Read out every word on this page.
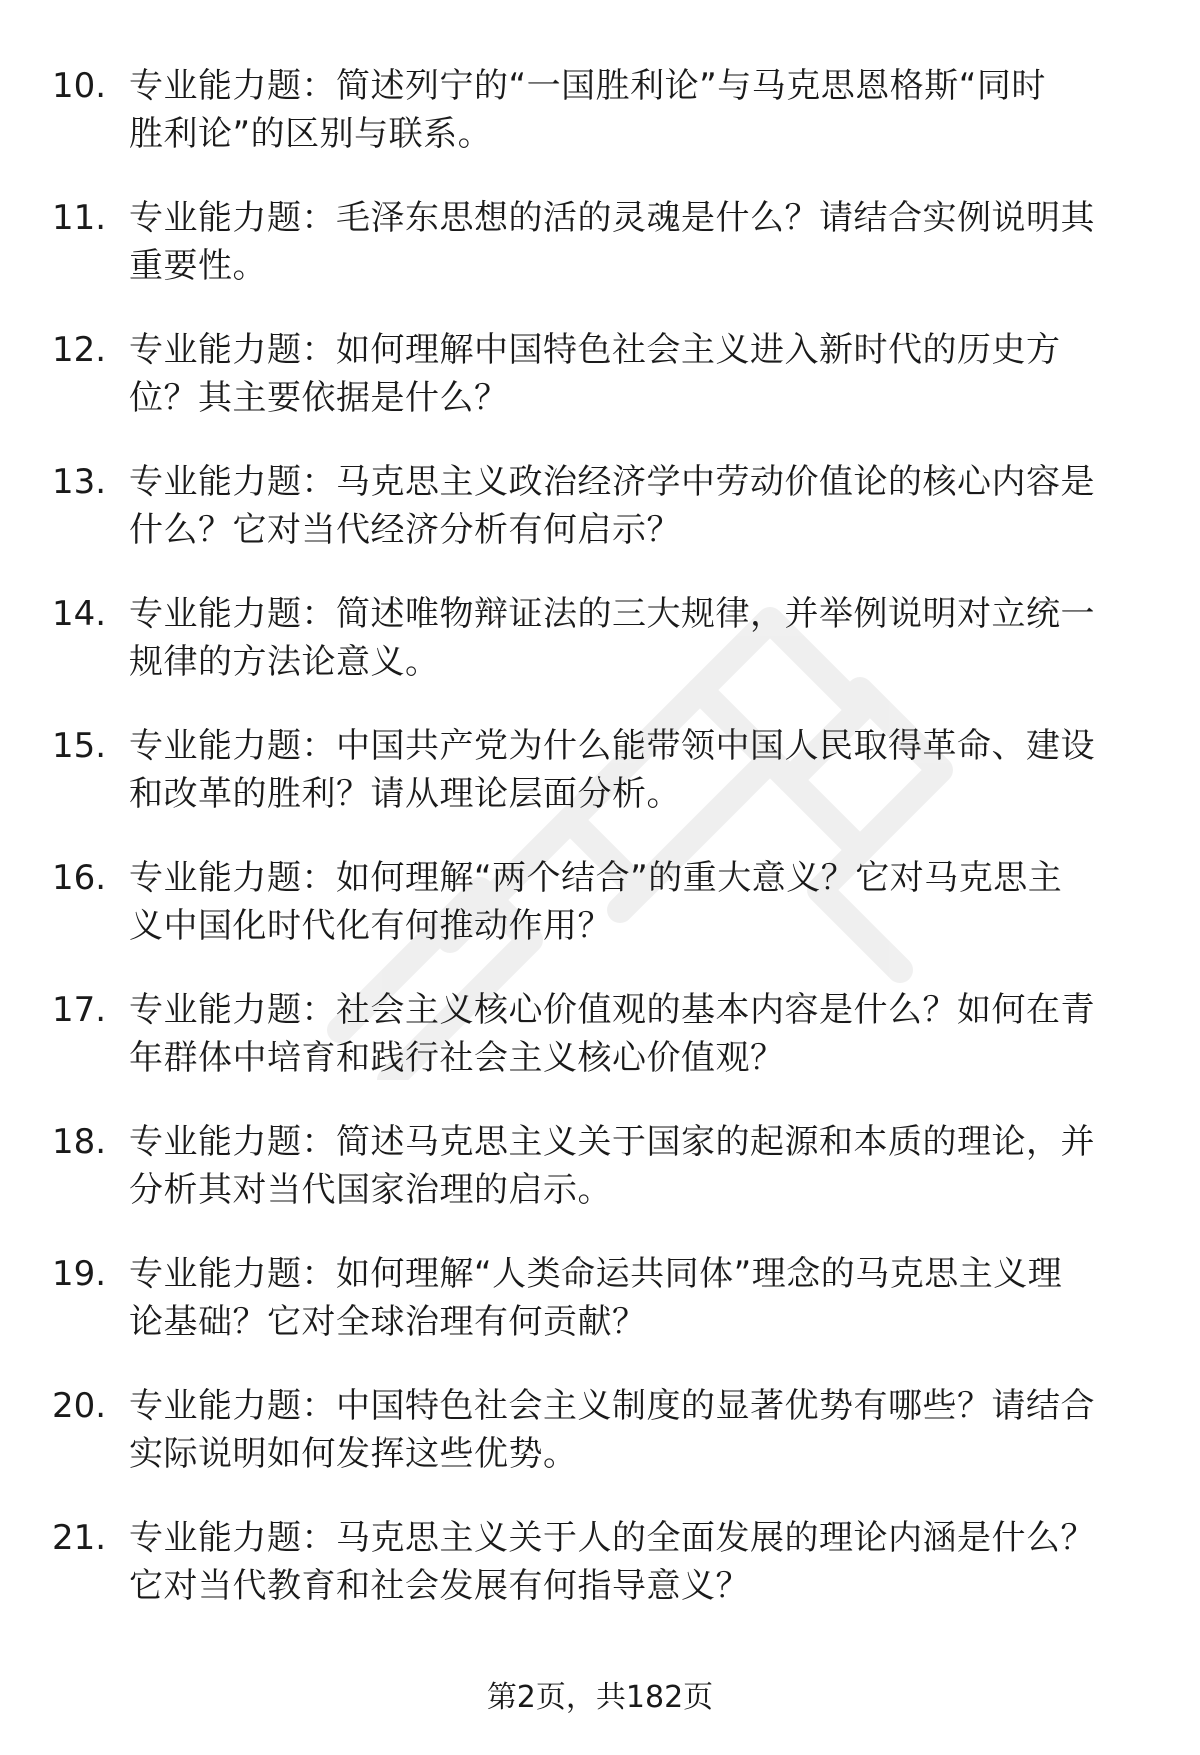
10. 专业能力题：简述列宁的“一国胜利论”与马克思恩格斯“同时
胜利论”的区别与联系。
11. 专业能力题：毛泽东思想的活的灵魂是什么？请结合实例说明其
重要性。
12. 专业能力题：如何理解中国特色社会主义进入新时代的历史方
位？其主要依据是什么？
13. 专业能力题：马克思主义政治经济学中劳动价值论的核心内容是
什么？它对当代经济分析有何启示？
14. 专业能力题：简述唯物辩证法的三大规律，并举例说明对立统一
规律的方法论意义。
15. 专业能力题：中国共产党为什么能带领中国人民取得革命、建设
和改革的胜利？请从理论层面分析。
16. 专业能力题：如何理解“两个结合”的重大意义？它对马克思主
义中国化时代化有何推动作用？
17. 专业能力题：社会主义核心价值观的基本内容是什么？如何在青
年群体中培育和践行社会主义核心价值观？
18. 专业能力题：简述马克思主义关于国家的起源和本质的理论，并
分析其对当代国家治理的启示。
19. 专业能力题：如何理解“人类命运共同体”理念的马克思主义理
论基础？它对全球治理有何贡献？
20. 专业能力题：中国特色社会主义制度的显著优势有哪些？请结合
实际说明如何发挥这些优势。
21. 专业能力题：马克思主义关于人的全面发展的理论内涵是什么？
它对当代教育和社会发展有何指导意义？
第2页，共182页
